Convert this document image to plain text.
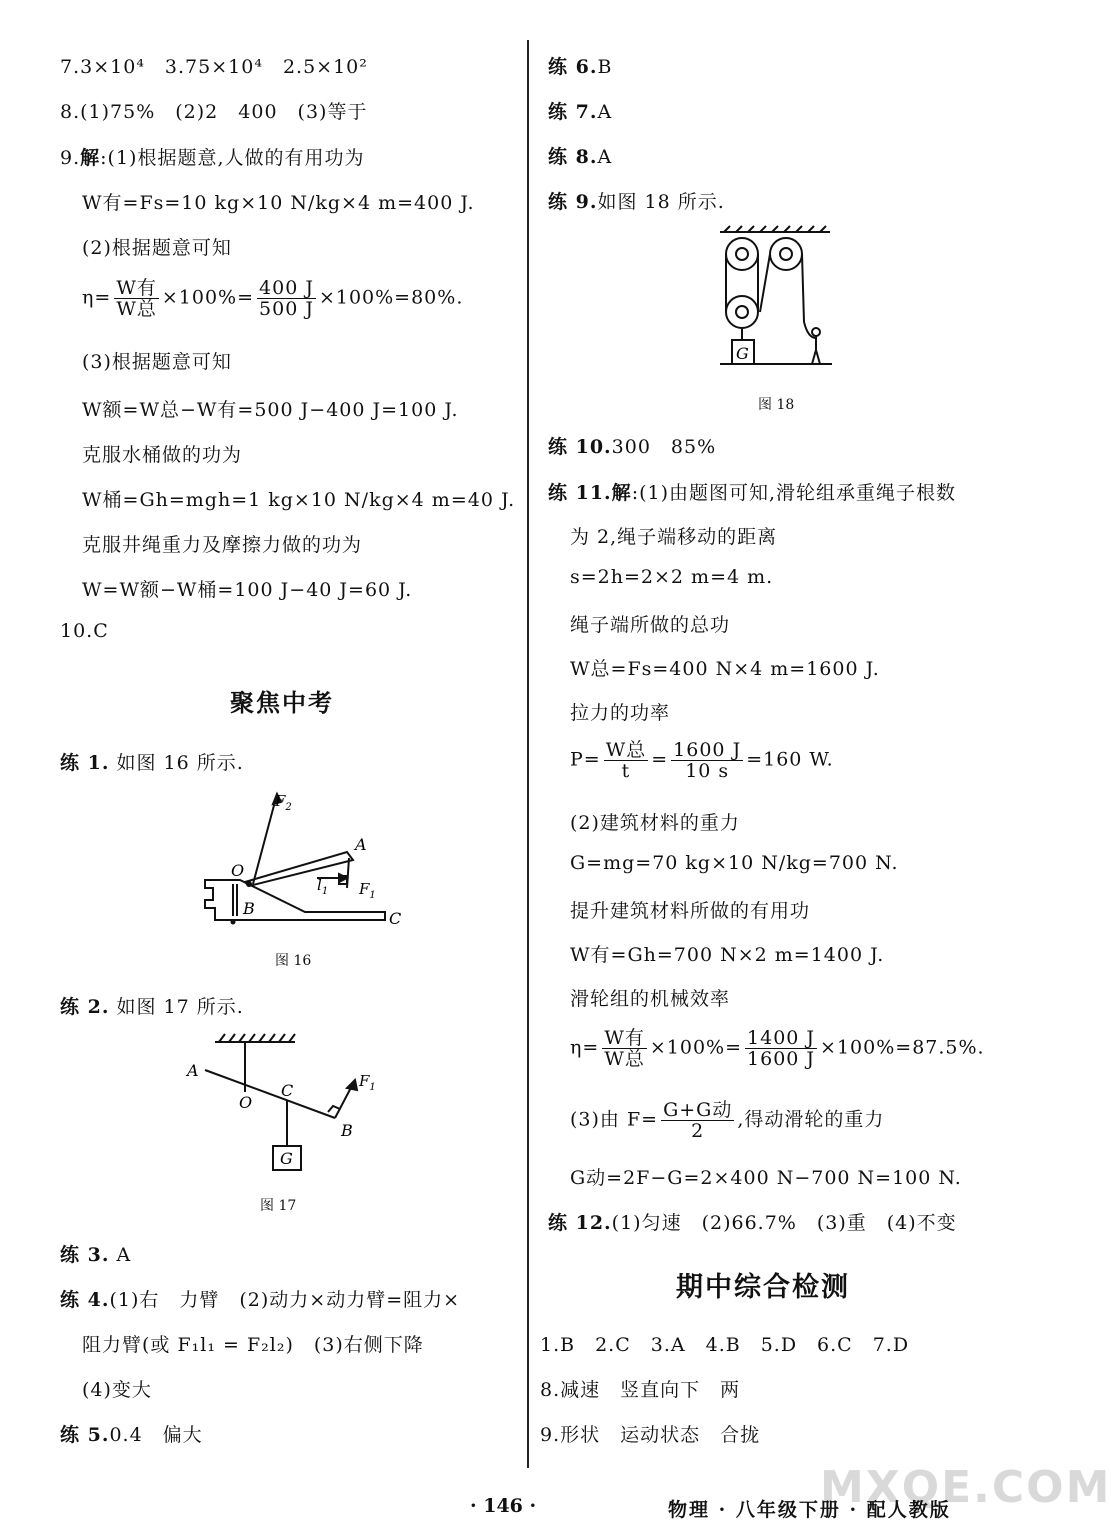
7.3×10⁴　3.75×10⁴　2.5×10²
8.(1)75%　(2)2　400　(3)等于
9.解:(1)根据题意,人做的有用功为
W有=Fs=10 kg×10 N/kg×4 m=400 J.
(2)根据题意可知
$\eta= \frac{\text{W有}}{\text{W总}} \times 100\%= \frac{400 J}{500 J} \times 100\%=80\%$.
(3)根据题意可知
W额=W总−W有=500 J−400 J=100 J.
克服水桶做的功为
W桶=Gh=mgh=1 kg×10 N/kg×4 m=40 J.
克服井绳重力及摩擦力做的功为
W=W额−W桶=100 J−40 J=60 J.
10.C
聚焦中考
练 1. 如图 16 所示.
$F_2$
O
A
$l_1$ $F_1$
B
C
图 16
练 2. 如图 17 所示.
A
O
C
B
$F_1$
G
图 17
练 3. A
练 4.(1)右　力臂　(2)动力×动力臂=阻力×
阻力臂(或 F₁l₁ = F₂l₂)　(3)右侧下降
(4)变大
练 5.0.4　偏大
练 6.B
练 7.A
练 8.A
练 9.如图 18 所示.
G
图 18
练 10.300　85%
练 11.解:(1)由题图可知,滑轮组承重绳子根数
为 2,绳子端移动的距离
s=2h=2×2 m=4 m.
绳子端所做的总功
W总=Fs=400 N×4 m=1600 J.
拉力的功率
$P= \frac{\text{W总}}{t} = \frac{1600 J}{10 s} =160$ W.
(2)建筑材料的重力
G=mg=70 kg×10 N/kg=700 N.
提升建筑材料所做的有用功
W有=Gh=700 N×2 m=1400 J.
滑轮组的机械效率
$\eta= \frac{\text{W有}}{\text{W总}} \times 100\%= \frac{1400 J}{1600 J} \times 100\%=87.5\%$.
(3)由 $F= \frac{\text{G+G动}}{2}$ ,得动滑轮的重力
G动=2F−G=2×400 N−700 N=100 N.
练 12.(1)匀速　(2)66.7%　(3)重　(4)不变
期中综合检测
1.B　2.C　3.A　4.B　5.D　6.C　7.D
8.减速　竖直向下　两
9.形状　运动状态　合拢
MXQE.COM
· 146 ·	物理 · 八年级下册 · 配人教版
